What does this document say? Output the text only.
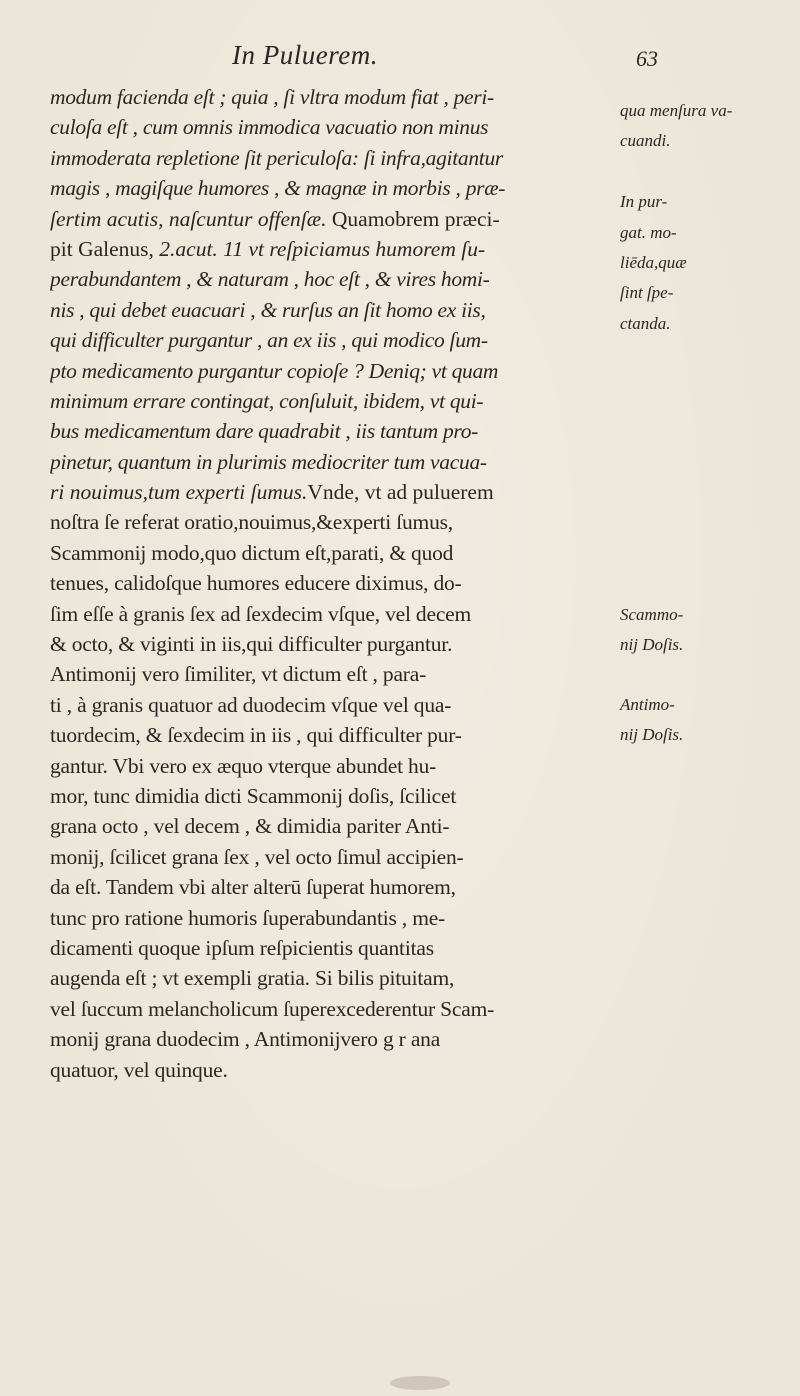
In Puluerem.	63
modum facienda eſt ; quia , ſi vltra modum fiat , peri-
culoſa eſt , cum omnis immodica vacuatio non minus
immoderata repletione ſit periculoſa: ſi infra,agitantur
magis , magiſque humores , & magnæ in morbis , præ-
ſertim acutis, naſcuntur offenſæ. Quamobrem præci-
pit Galenus, 2.acut. 11 vt reſpiciamus humorem ſu-
perabundantem , & naturam , hoc eſt , & vires homi-
nis , qui debet euacuari , & rurſus an ſit homo ex iis,
qui difficulter purgantur , an ex iis , qui modico ſum-
pto medicamento purgantur copioſe ? Deniq; vt quam
minimum errare contingat, conſuluit, ibidem, vt qui-
bus medicamentum dare quadrabit , iis tantum pro-
pinetur, quantum in plurimis mediocriter tum vacua-
ri nouimus,tum experti ſumus.Vnde, vt ad puluerem
noſtra ſe referat oratio,nouimus,&experti ſumus,
Scammonij modo,quo dictum eſt,parati, & quod
tenues, calidoſque humores educere diximus, do-
ſim eſſe à granis ſex ad ſexdecim vſque, vel decem
& octo, & viginti in iis,qui difficulter purgantur.
Antimonij vero ſimiliter, vt dictum eſt , para-
ti , à granis quatuor ad duodecim vſque vel qua-
tuordecim, & ſexdecim in iis , qui difficulter pur-
gantur. Vbi vero ex æquo vterque abundet hu-
mor, tunc dimidia dicti Scammonij doſis, ſcilicet
grana octo , vel decem , & dimidia pariter Anti-
monij, ſcilicet grana ſex , vel octo ſimul accipien-
da eſt. Tandem vbi alter alterū ſuperat humorem,
tunc pro ratione humoris ſuperabundantis , me-
dicamenti quoque ipſum reſpicientis quantitas
augenda eſt ; vt exempli gratia. Si bilis pituitam,
vel ſuccum melancholicum ſuperexcederentur Scam-
monij grana duodecim , Antimonijvero g r ana
quatuor, vel quinque.
qua menſura va-
cuandi.
In pur-
gat. mo-
liēda,quæ
ſint ſpe-
ctanda.
Scammo-
nij Doſis.
Antimo-
nij Doſis.
